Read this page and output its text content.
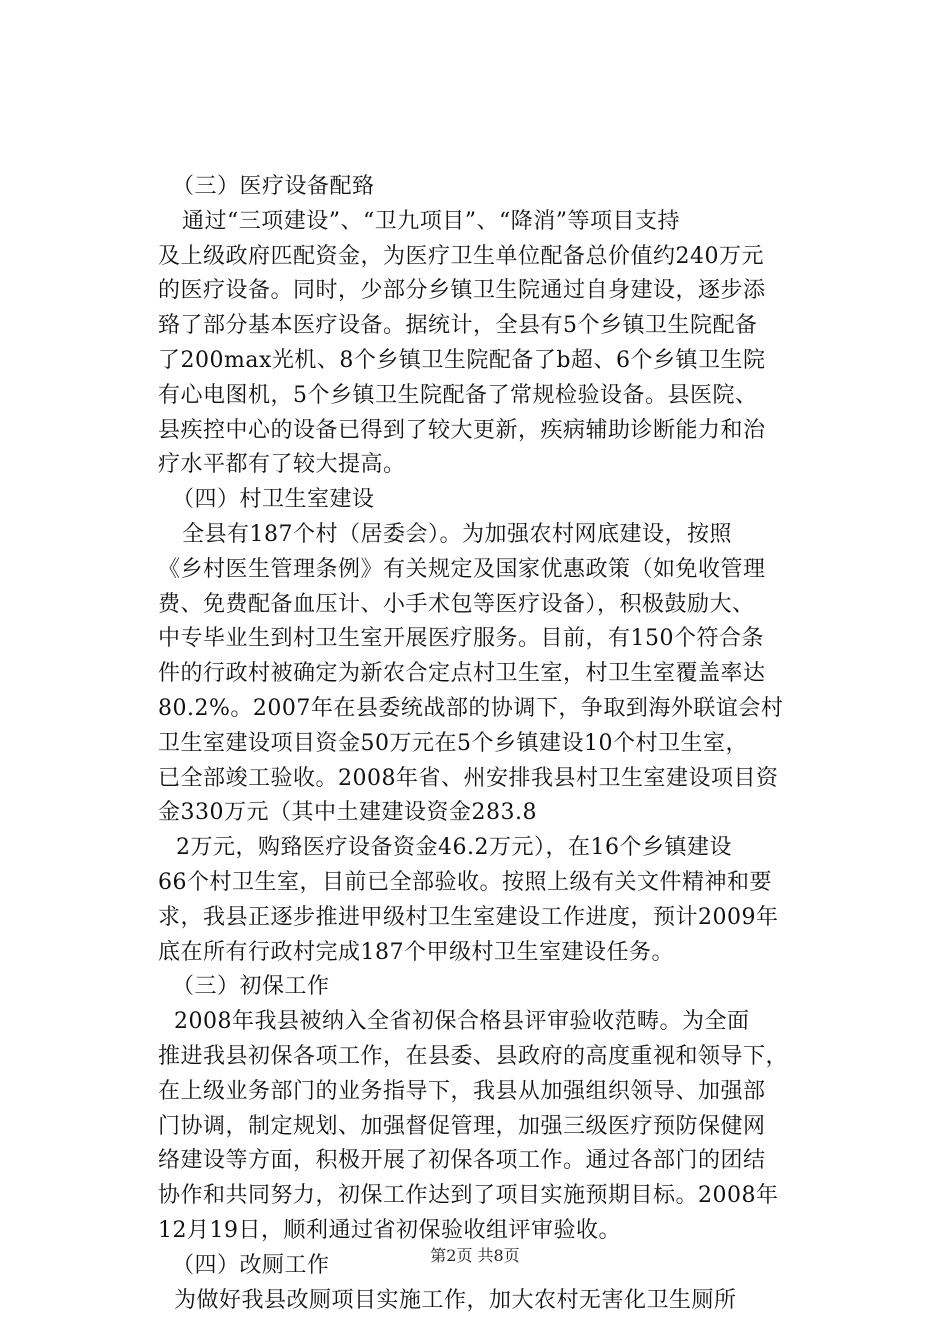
（三）医疗设备配臵
通过“三项建设”、“卫九项目”、“降消”等项目支持
及上级政府匹配资金，为医疗卫生单位配备总价值约240万元
的医疗设备。同时，少部分乡镇卫生院通过自身建设，逐步添
臵了部分基本医疗设备。据统计，全县有5个乡镇卫生院配备
了200max光机、8个乡镇卫生院配备了b超、6个乡镇卫生院
有心电图机，5个乡镇卫生院配备了常规检验设备。县医院、
县疾控中心的设备已得到了较大更新，疾病辅助诊断能力和治
疗水平都有了较大提高。
（四）村卫生室建设
全县有187个村（居委会）。为加强农村网底建设，按照
《乡村医生管理条例》有关规定及国家优惠政策（如免收管理
费、免费配备血压计、小手术包等医疗设备），积极鼓励大、
中专毕业生到村卫生室开展医疗服务。目前，有150个符合条
件的行政村被确定为新农合定点村卫生室，村卫生室覆盖率达
80.2%。2007年在县委统战部的协调下，争取到海外联谊会村
卫生室建设项目资金50万元在5个乡镇建设10个村卫生室，
已全部竣工验收。2008年省、州安排我县村卫生室建设项目资
金330万元（其中土建建设资金283.8
2万元，购臵医疗设备资金46.2万元），在16个乡镇建设
66个村卫生室，目前已全部验收。按照上级有关文件精神和要
求，我县正逐步推进甲级村卫生室建设工作进度，预计2009年
底在所有行政村完成187个甲级村卫生室建设任务。
（三）初保工作
2008年我县被纳入全省初保合格县评审验收范畴。为全面
推进我县初保各项工作，在县委、县政府的高度重视和领导下，
在上级业务部门的业务指导下，我县从加强组织领导、加强部
门协调，制定规划、加强督促管理，加强三级医疗预防保健网
络建设等方面，积极开展了初保各项工作。通过各部门的团结
协作和共同努力，初保工作达到了项目实施预期目标。2008年
12月19日，顺利通过省初保验收组评审验收。
（四）改厕工作
为做好我县改厕项目实施工作，加大农村无害化卫生厕所
第2页 共8页
